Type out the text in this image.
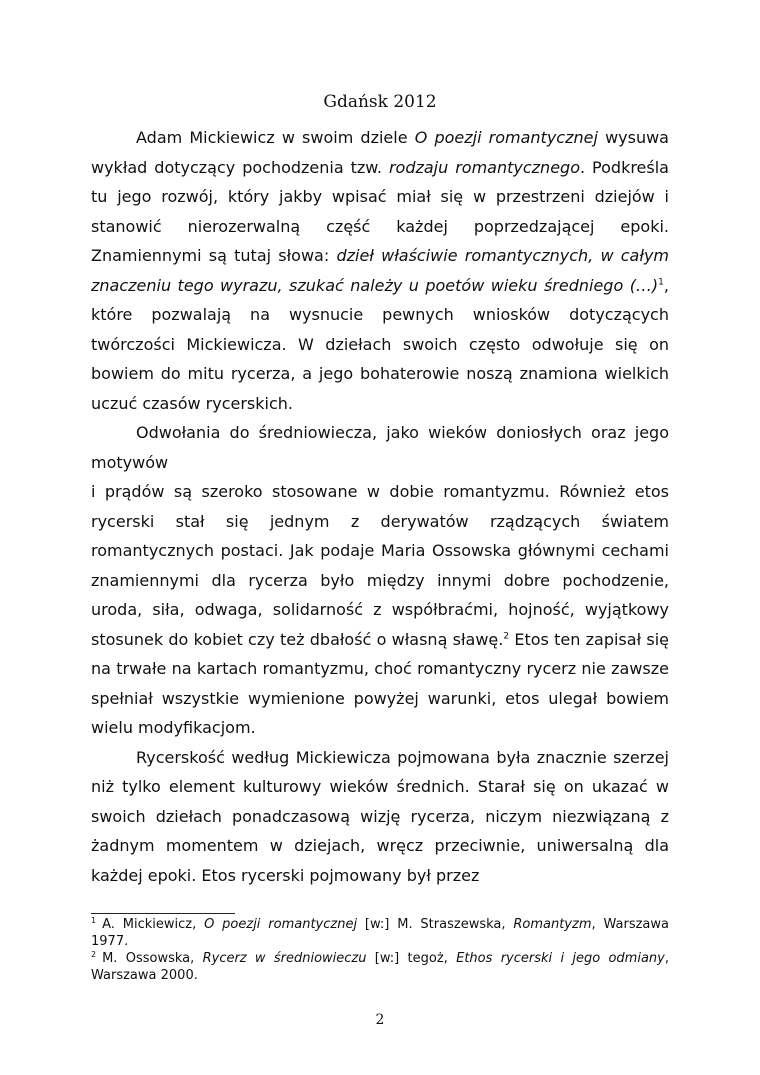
Gdańsk 2012

Adam Mickiewicz w swoim dziele O poezji romantycznej wysuwa wykład dotyczący pochodzenia tzw. rodzaju romantycznego. Podkreśla tu jego rozwój, który jakby wpisać miał się w przestrzeni dziejów i stanowić nierozerwalną część każdej poprzedzającej epoki. Znamiennymi są tutaj słowa: dzieł właściwie romantycznych, w całym znaczeniu tego wyrazu, szukać należy u poetów wieku średniego (…)$^1$, które pozwalają na wysnucie pewnych wniosków dotyczących twórczości Mickiewicza. W dziełach swoich często odwołuje się on bowiem do mitu rycerza, a jego bohaterowie noszą znamiona wielkich uczuć czasów rycerskich.

Odwołania do średniowiecza, jako wieków doniosłych oraz jego motywów

i prądów są szeroko stosowane w dobie romantyzmu. Również etos rycerski stał się jednym z derywatów rządzących światem romantycznych postaci. Jak podaje Maria Ossowska głównymi cechami znamiennymi dla rycerza było między innymi dobre pochodzenie, uroda, siła, odwaga, solidarność z współbraćmi, hojność, wyjątkowy stosunek do kobiet czy też dbałość o własną sławę.$^2$ Etos ten zapisał się na trwałe na kartach romantyzmu, choć romantyczny rycerz nie zawsze spełniał wszystkie wymienione powyżej warunki, etos ulegał bowiem wielu modyfikacjom.

Rycerskość według Mickiewicza pojmowana była znacznie szerzej niż tylko element kulturowy wieków średnich. Starał się on ukazać w swoich dziełach ponadczasową wizję rycerza, niczym niezwiązaną z żadnym momentem w dziejach, wręcz przeciwnie, uniwersalną dla każdej epoki. Etos rycerski pojmowany był przez

$^1$ A. Mickiewicz, O poezji romantycznej [w:] M. Straszewska, Romantyzm, Warszawa 1977.

$^2$ M. Ossowska, Rycerz w średniowieczu [w:] tegoż, Ethos rycerski i jego odmiany, Warszawa 2000.

2
